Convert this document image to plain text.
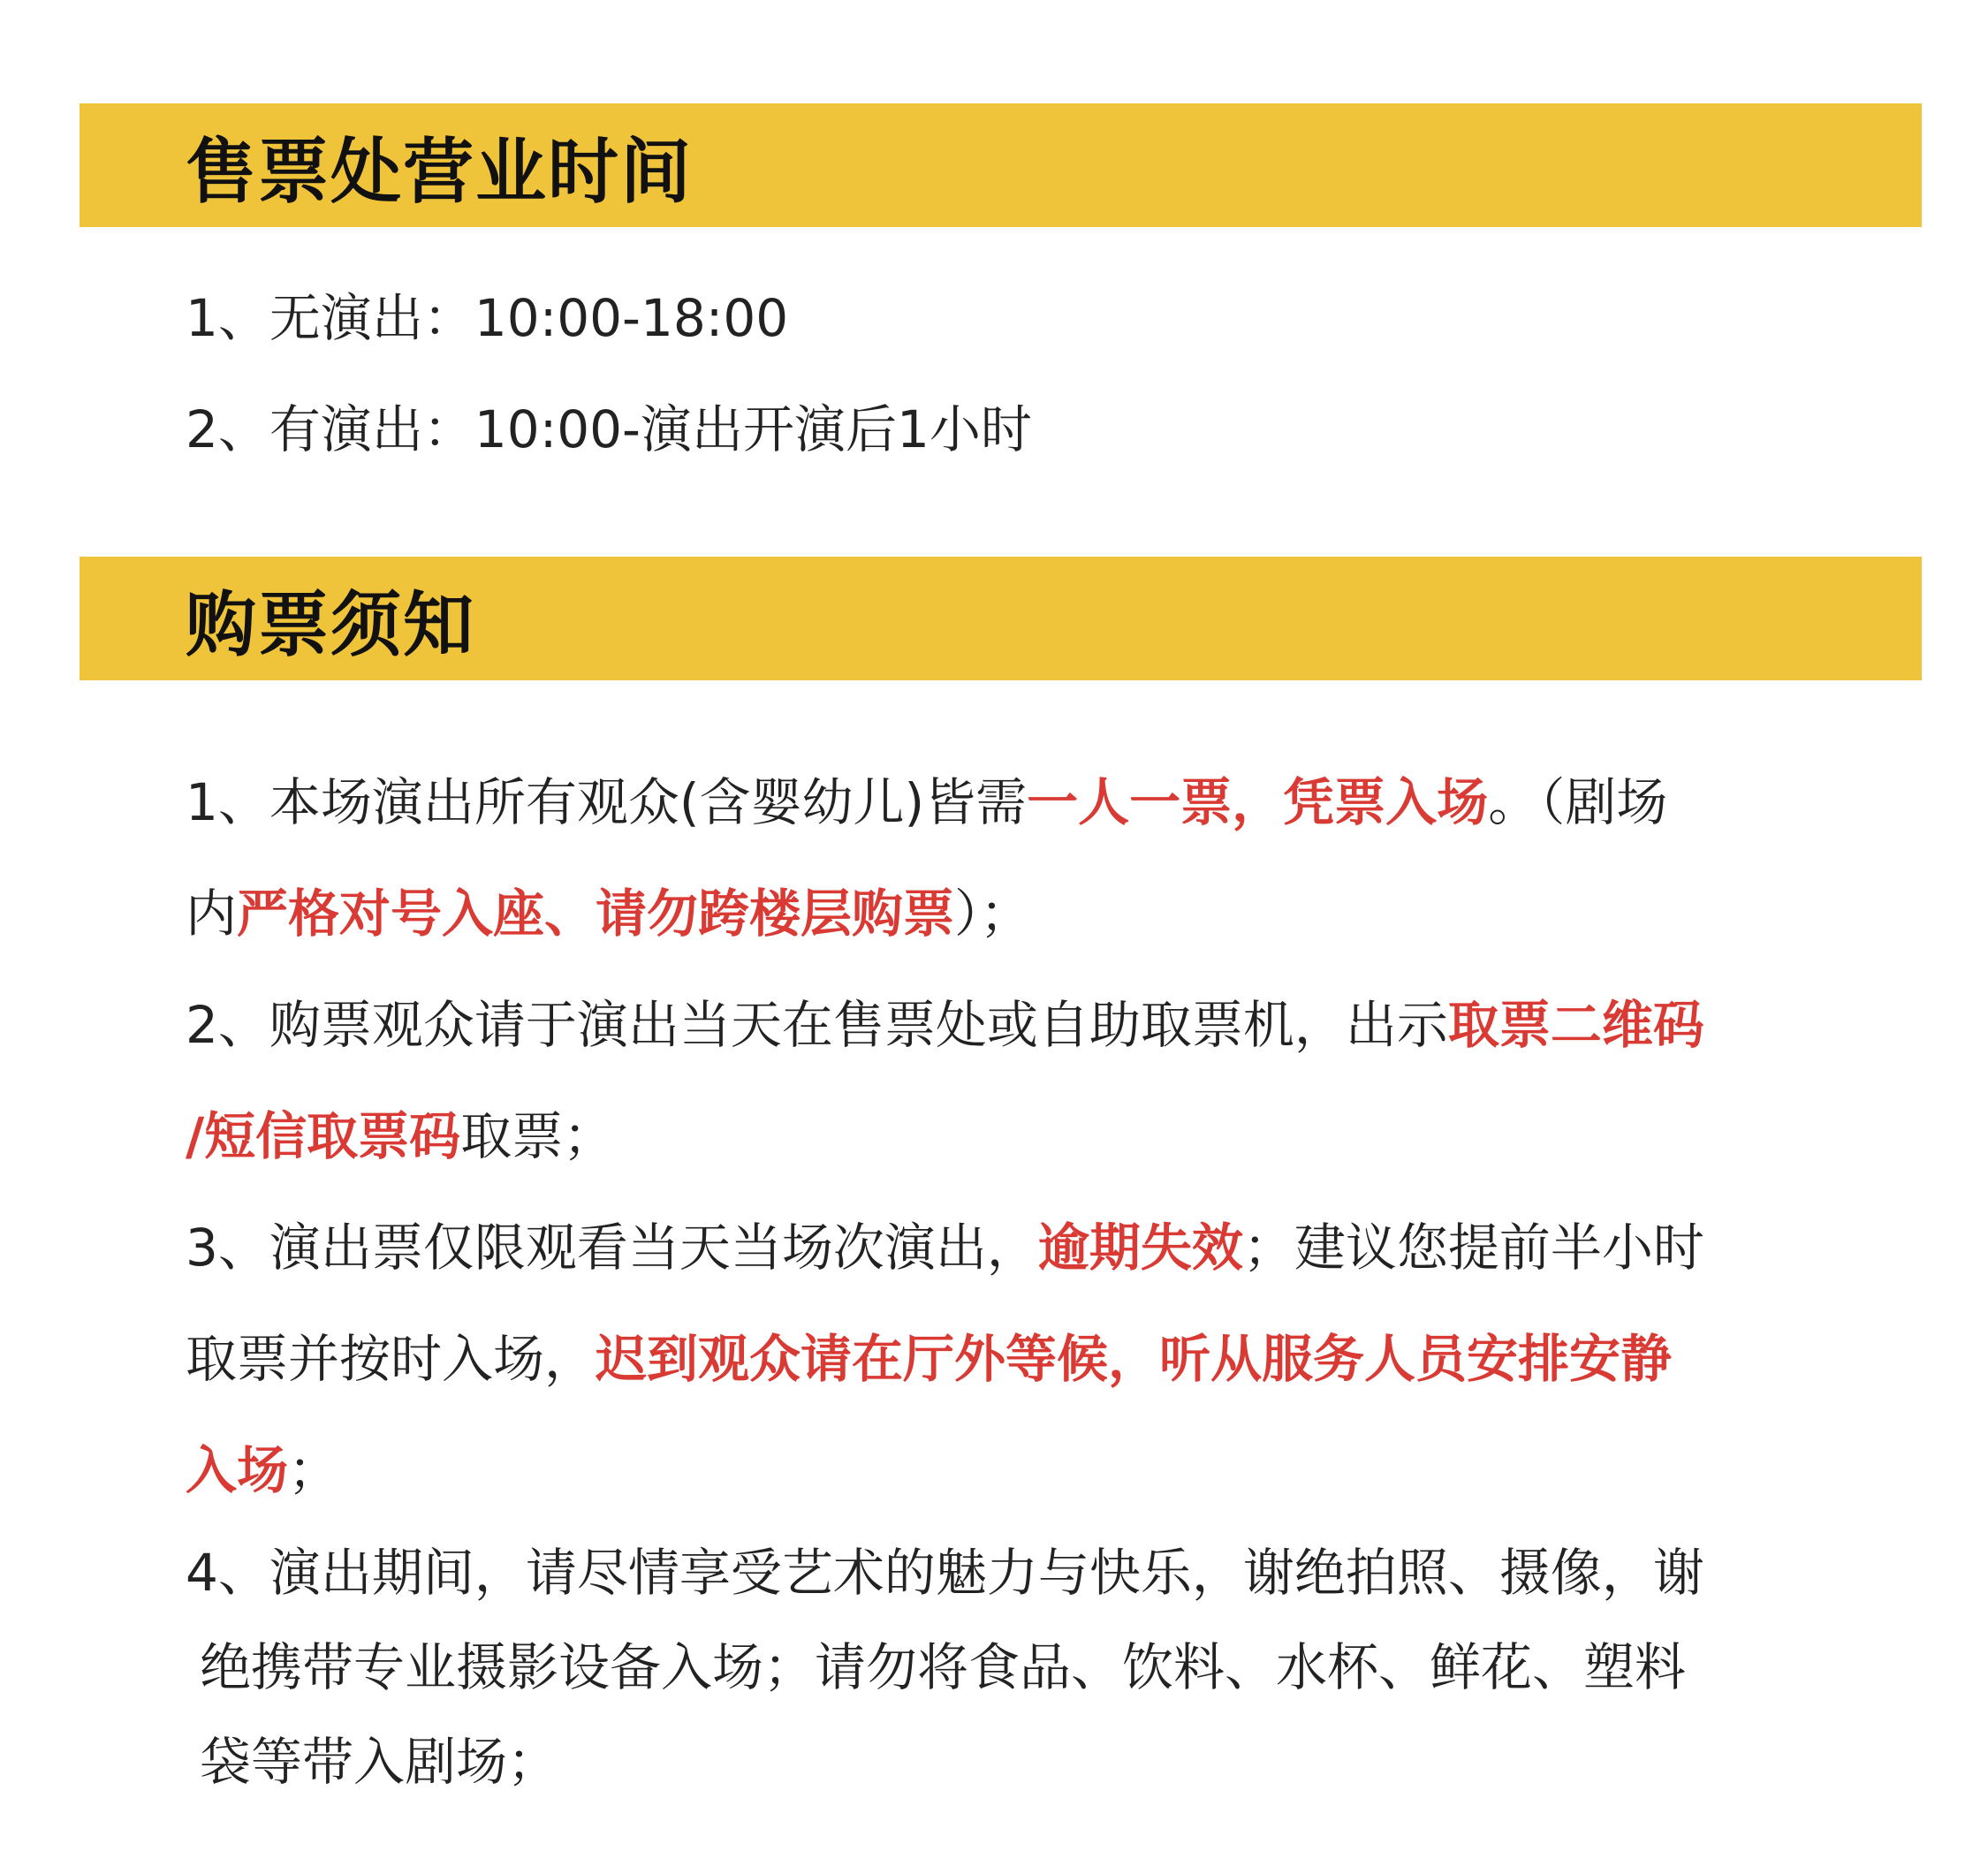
售票处营业时间
1、无演出：10:00-18:00
2、有演出：10:00-演出开演后1小时
购票须知
1、本场演出所有观众(含婴幼儿)皆需一人一票，凭票入场。（剧场
内严格对号入座、请勿跨楼层购票）；
2、购票观众请于演出当天在售票处或自助取票机，出示取票二维码
/短信取票码取票；
3、演出票仅限观看当天当场次演出，逾期失效；建议您提前半小时
取票并按时入场，迟到观众请在厅外等候，听从服务人员安排安静
入场；
4、演出期间，请尽情享受艺术的魅力与快乐，谢绝拍照、摄像，谢
绝携带专业摄影设备入场；请勿将食品、饮料、水杯、鲜花、塑料
袋等带入剧场；
